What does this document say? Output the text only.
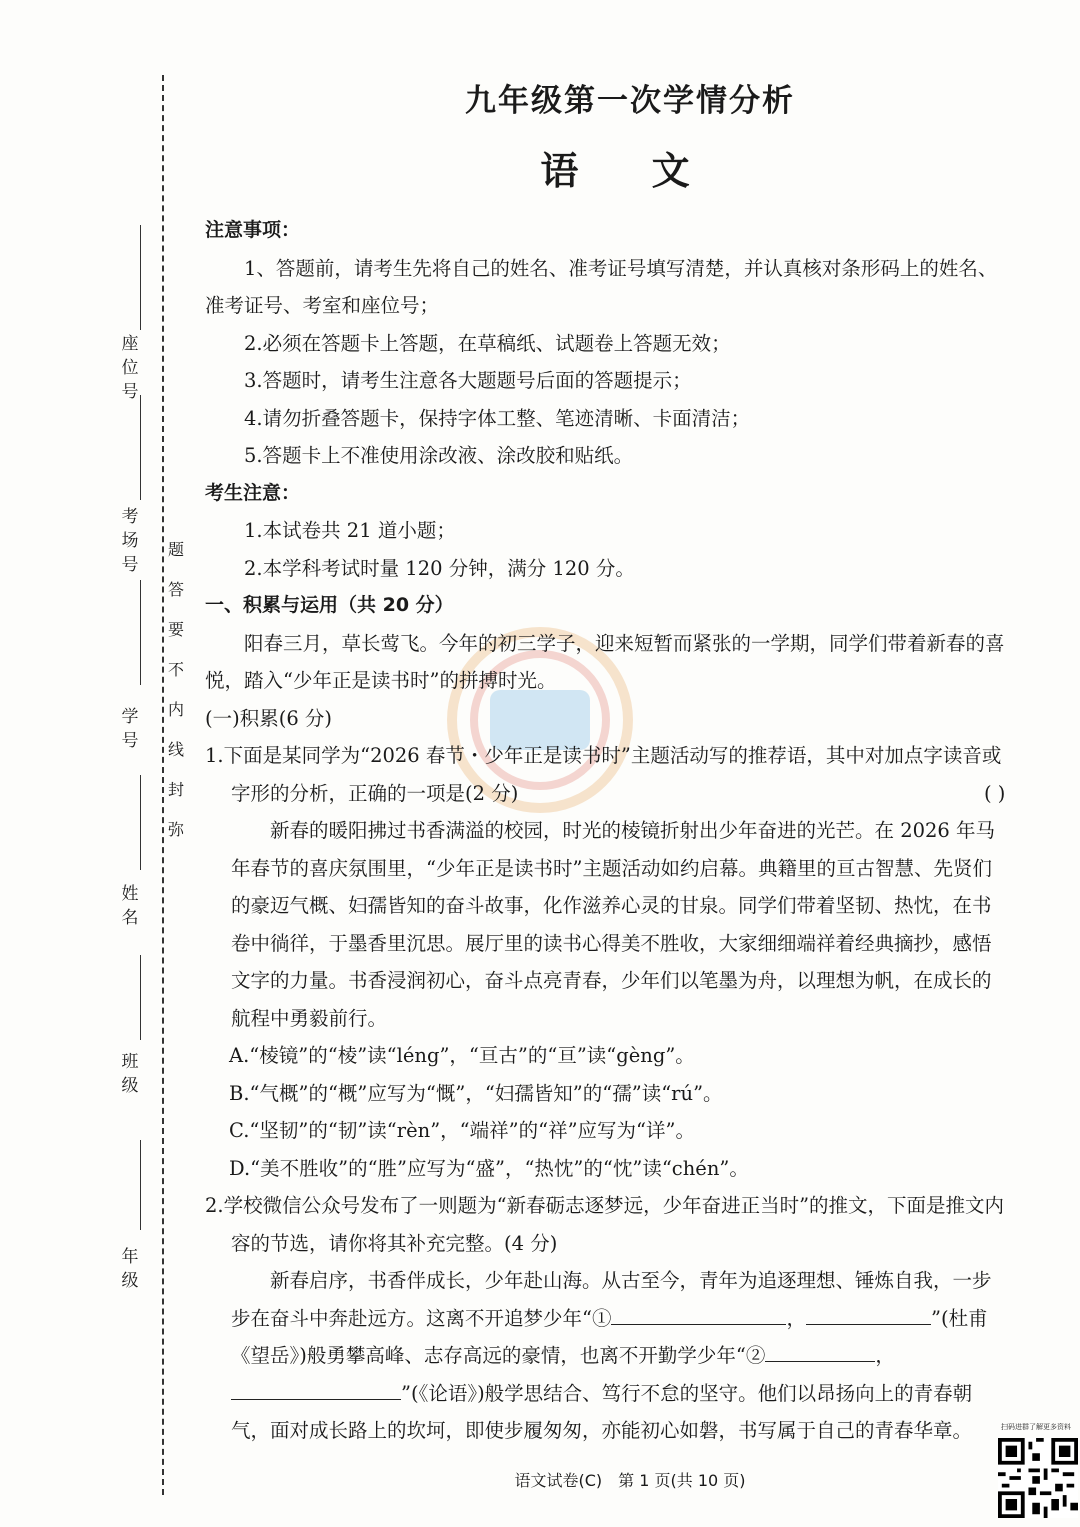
座位号
考场号
学 号
姓 名
班 级
年 级
题
答
要
不
内
线
封
弥
九年级第一次学情分析
语 文

注意事项：

1、答题前，请考生先将自己的姓名、准考证号填写清楚，并认真核对条形码上的姓名、准考证号、考室和座位号；

2.必须在答题卡上答题，在草稿纸、试题卷上答题无效；

3.答题时，请考生注意各大题题号后面的答题提示；

4.请勿折叠答题卡，保持字体工整、笔迹清晰、卡面清洁；

5.答题卡上不准使用涂改液、涂改胶和贴纸。

考生注意：

1.本试卷共 21 道小题；

2.本学科考试时量 120 分钟，满分 120 分。

一、积累与运用（共 20 分）

阳春三月，草长莺飞。今年的初三学子，迎来短暂而紧张的一学期，同学们带着新春的喜悦，踏入“少年正是读书时”的拼搏时光。

(一)积累(6 分)

1.下面是某同学为“2026 春节・少年正是读书时”主题活动写的推荐语，其中对加点字读音或字形的分析，正确的一项是(2 分)	( )

新春的暖阳拂过书香满溢的校园，时光的棱镜折射出少年奋进的光芒。在 2026 年马年春节的喜庆氛围里，“少年正是读书时”主题活动如约启幕。典籍里的亘古智慧、先贤们的豪迈气概、妇孺皆知的奋斗故事，化作滋养心灵的甘泉。同学们带着坚韧、热忱，在书卷中徜徉，于墨香里沉思。展厅里的读书心得美不胜收，大家细细端祥着经典摘抄，感悟文字的力量。书香浸润初心，奋斗点亮青春，少年们以笔墨为舟，以理想为帆，在成长的航程中勇毅前行。

A.“棱镜”的“棱”读“léng”，“亘古”的“亘”读“gèng”。

B.“气概”的“概”应写为“慨”，“妇孺皆知”的“孺”读“rú”。

C.“坚韧”的“韧”读“rèn”，“端祥”的“祥”应写为“详”。

D.“美不胜收”的“胜”应写为“盛”，“热忱”的“忱”读“chén”。

2.学校微信公众号发布了一则题为“新春砺志逐梦远，少年奋进正当时”的推文，下面是推文内容的节选，请你将其补充完整。(4 分)

新春启序，书香伴成长，少年赴山海。从古至今，青年为追逐理想、锤炼自我，一步步在奋斗中奔赴远方。这离不开追梦少年“①	，	”(杜甫《望岳》)般勇攀高峰、志存高远的豪情，也离不开勤学少年“②	，”(《论语》)般学思结合、笃行不怠的坚守。他们以昂扬向上的青春朝气，面对成长路上的坎坷，即使步履匆匆，亦能初心如磐，书写属于自己的青春华章。

语文试卷(C)　第 1 页(共 10 页)
扫码进群了解更多资料
